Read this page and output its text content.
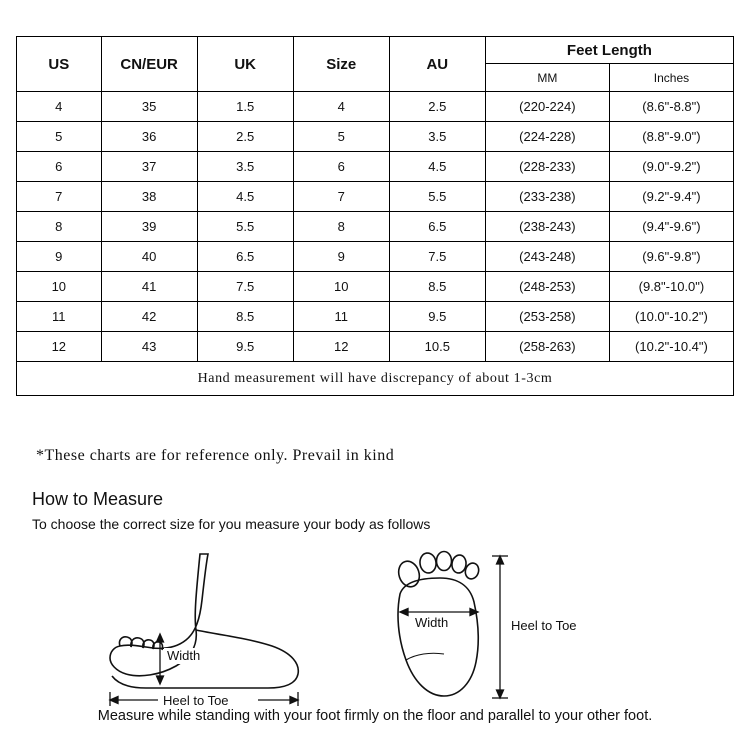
US	CN/EUR	UK	Size	AU	Feet Length	
					MM	Inches
4	35	1.5	4	2.5	(220-224)	(8.6"-8.8")
5	36	2.5	5	3.5	(224-228)	(8.8"-9.0")
6	37	3.5	6	4.5	(228-233)	(9.0"-9.2")
7	38	4.5	7	5.5	(233-238)	(9.2"-9.4")
8	39	5.5	8	6.5	(238-243)	(9.4"-9.6")
9	40	6.5	9	7.5	(243-248)	(9.6"-9.8")
10	41	7.5	10	8.5	(248-253)	(9.8"-10.0")
11	42	8.5	11	9.5	(253-258)	(10.0"-10.2")
12	43	9.5	12	10.5	(258-263)	(10.2"-10.4")
Hand measurement will have discrepancy of about 1-3cm						
*These charts are for reference only. Prevail in kind
How to Measure
To choose the correct size for you measure your body as follows
Width
Heel to Toe
Width	Heel to Toe
Measure while standing with your foot firmly on the floor and parallel to your other foot.
